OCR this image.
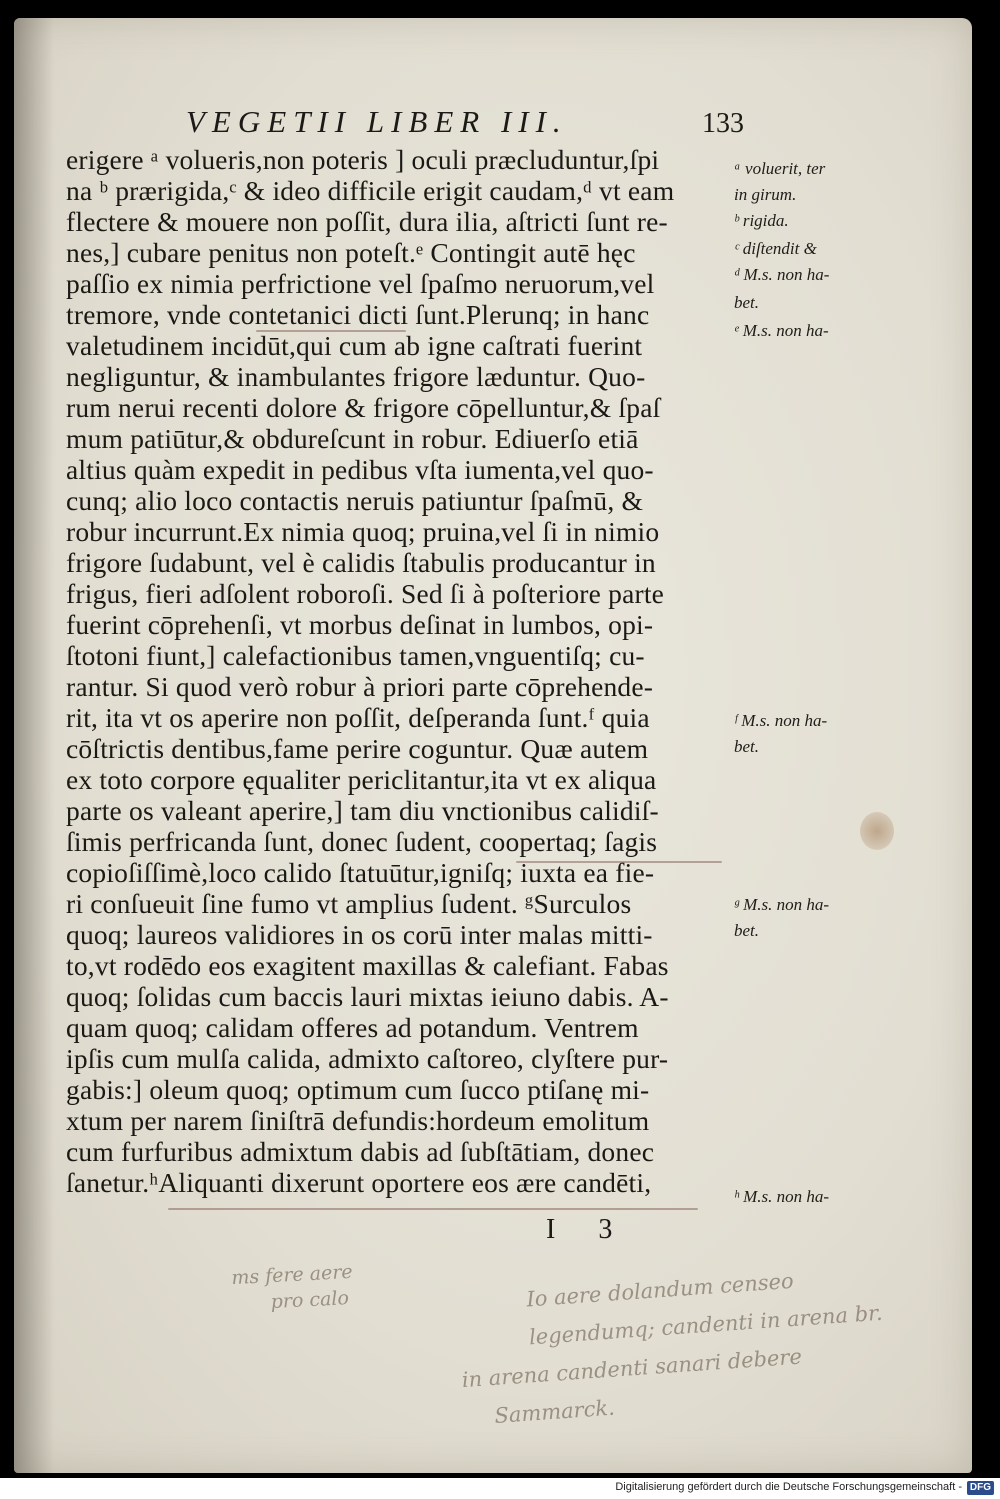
VEGETII LIBER III.	133
erigere ᵃ volueris,non poteris ] oculi præcluduntur,ſpi
na ᵇ prærigida,ᶜ & ideo difficile erigit caudam,ᵈ vt eam
flectere & mouere non poſſit, dura ilia, aſtricti ſunt re-
nes,] cubare penitus non poteſt.ᵉ Contingit autē hęc
paſſio ex nimia perfrictione vel ſpaſmo neruorum,vel
tremore, vnde contetanici dicti ſunt.Plerunq; in hanc
valetudinem incidūt,qui cum ab igne caſtrati fuerint
negliguntur, & inambulantes frigore læduntur. Quo-
rum nerui recenti dolore & frigore cōpelluntur,& ſpaſ
mum patiūtur,& obdureſcunt in robur. Ediuerſo etiā
altius quàm expedit in pedibus vſta iumenta,vel quo-
cunq; alio loco contactis neruis patiuntur ſpaſmū, &
robur incurrunt.Ex nimia quoq; pruina,vel ſi in nimio
frigore ſudabunt, vel è calidis ſtabulis producantur in
frigus, fieri adſolent roboroſi. Sed ſi à poſteriore parte
fuerint cōprehenſi, vt morbus deſinat in lumbos, opi-
ſtotoni fiunt,] calefactionibus tamen,vnguentiſq; cu-
rantur. Si quod verò robur à priori parte cōprehende-
rit, ita vt os aperire non poſſit, deſperanda ſunt.ᶠ quia
cōſtrictis dentibus,fame perire coguntur. Quæ autem
ex toto corpore ęqualiter periclitantur,ita vt ex aliqua
parte os valeant aperire,] tam diu vnctionibus calidiſ-
ſimis perfricanda ſunt, donec ſudent, coopertaq; ſagis
copioſiſſimè,loco calido ſtatuūtur,igniſq; iuxta ea fie-
ri conſueuit ſine fumo vt amplius ſudent. ᵍSurculos
quoq; laureos validiores in os corū inter malas mitti-
to,vt rodēdo eos exagitent maxillas & calefiant. Fabas
quoq; ſolidas cum baccis lauri mixtas ieiuno dabis. A-
quam quoq; calidam offeres ad potandum. Ventrem
ipſis cum mulſa calida, admixto caſtoreo, clyſtere pur-
gabis:] oleum quoq; optimum cum ſucco ptiſanę mi-
xtum per narem ſiniſtrā defundis:hordeum emolitum
cum furfuribus admixtum dabis ad ſubſtātiam, donec
ſanetur.ʰAliquanti dixerunt oportere eos ære candēti,
ᵃ voluerit, ter
in girum.
ᵇ rigida.
ᶜ diſtendit &
ᵈ M.s. non ha-
bet.
ᵉ M.s. non ha-
ᶠ M.s. non ha-
bet.
ᵍ M.s. non ha-
bet.
ʰ M.s. non ha-
I 3
ms fere aere
pro calo	Io aere dolandum censeo
legendumq; candenti in arena br.
in arena candenti sanari debere
Sammarck.
Digitalisierung gefördert durch die Deutsche Forschungsgemeinschaft - DFG
